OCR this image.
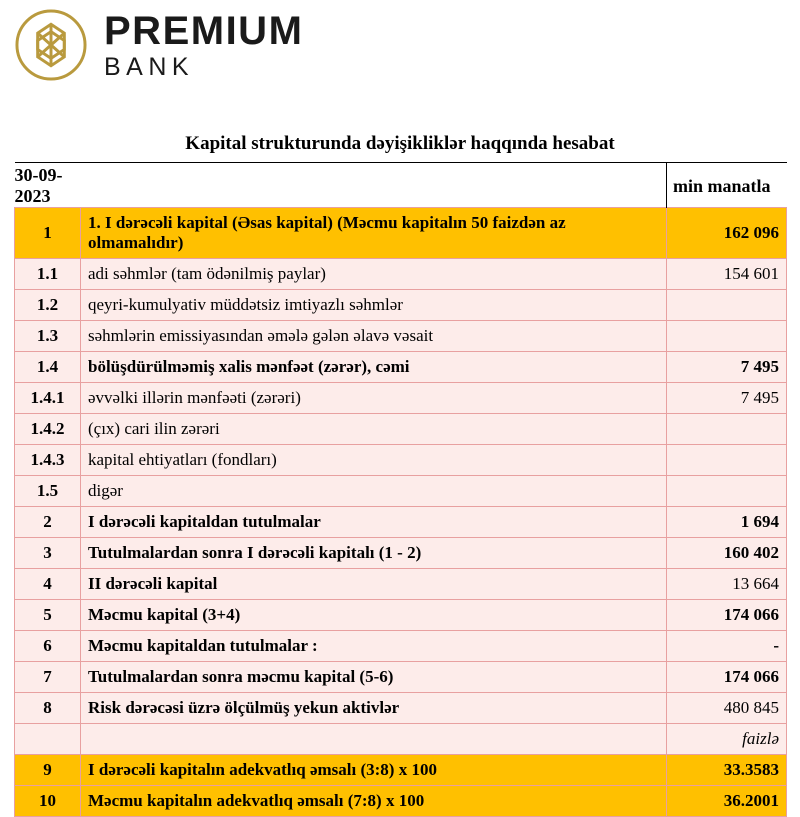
PREMIUM
BANK
Kapital strukturunda dəyişikliklər haqqında hesabat
30-09-2023		min manatla
1	1. I dərəcəli kapital (Əsas kapital) (Məcmu kapitalın 50 faizdən az olmamalıdır)	162 096
1.1	adi səhmlər (tam ödənilmiş paylar)	154 601
1.2	qeyri-kumulyativ müddətsiz imtiyazlı səhmlər	
1.3	səhmlərin emissiyasından əmələ gələn əlavə vəsait	
1.4	bölüşdürülməmiş xalis mənfəət (zərər), cəmi	7 495
1.4.1	əvvəlki illərin mənfəəti (zərəri)	7 495
1.4.2	(çıx) cari ilin zərəri	
1.4.3	kapital ehtiyatları (fondları)	
1.5	digər	
2	I dərəcəli kapitaldan tutulmalar	1 694
3	Tutulmalardan sonra I dərəcəli kapitalı (1 - 2)	160 402
4	II dərəcəli kapital	13 664
5	Məcmu kapital (3+4)	174 066
6	Məcmu kapitaldan tutulmalar :	-
7	Tutulmalardan sonra məcmu kapital (5-6)	174 066
8	Risk dərəcəsi üzrə ölçülmüş yekun aktivlər	480 845
		faizlə
9	I dərəcəli kapitalın adekvatlıq əmsalı (3:8) x 100	33.3583
10	Məcmu kapitalın adekvatlıq əmsalı (7:8) x 100	36.2001
